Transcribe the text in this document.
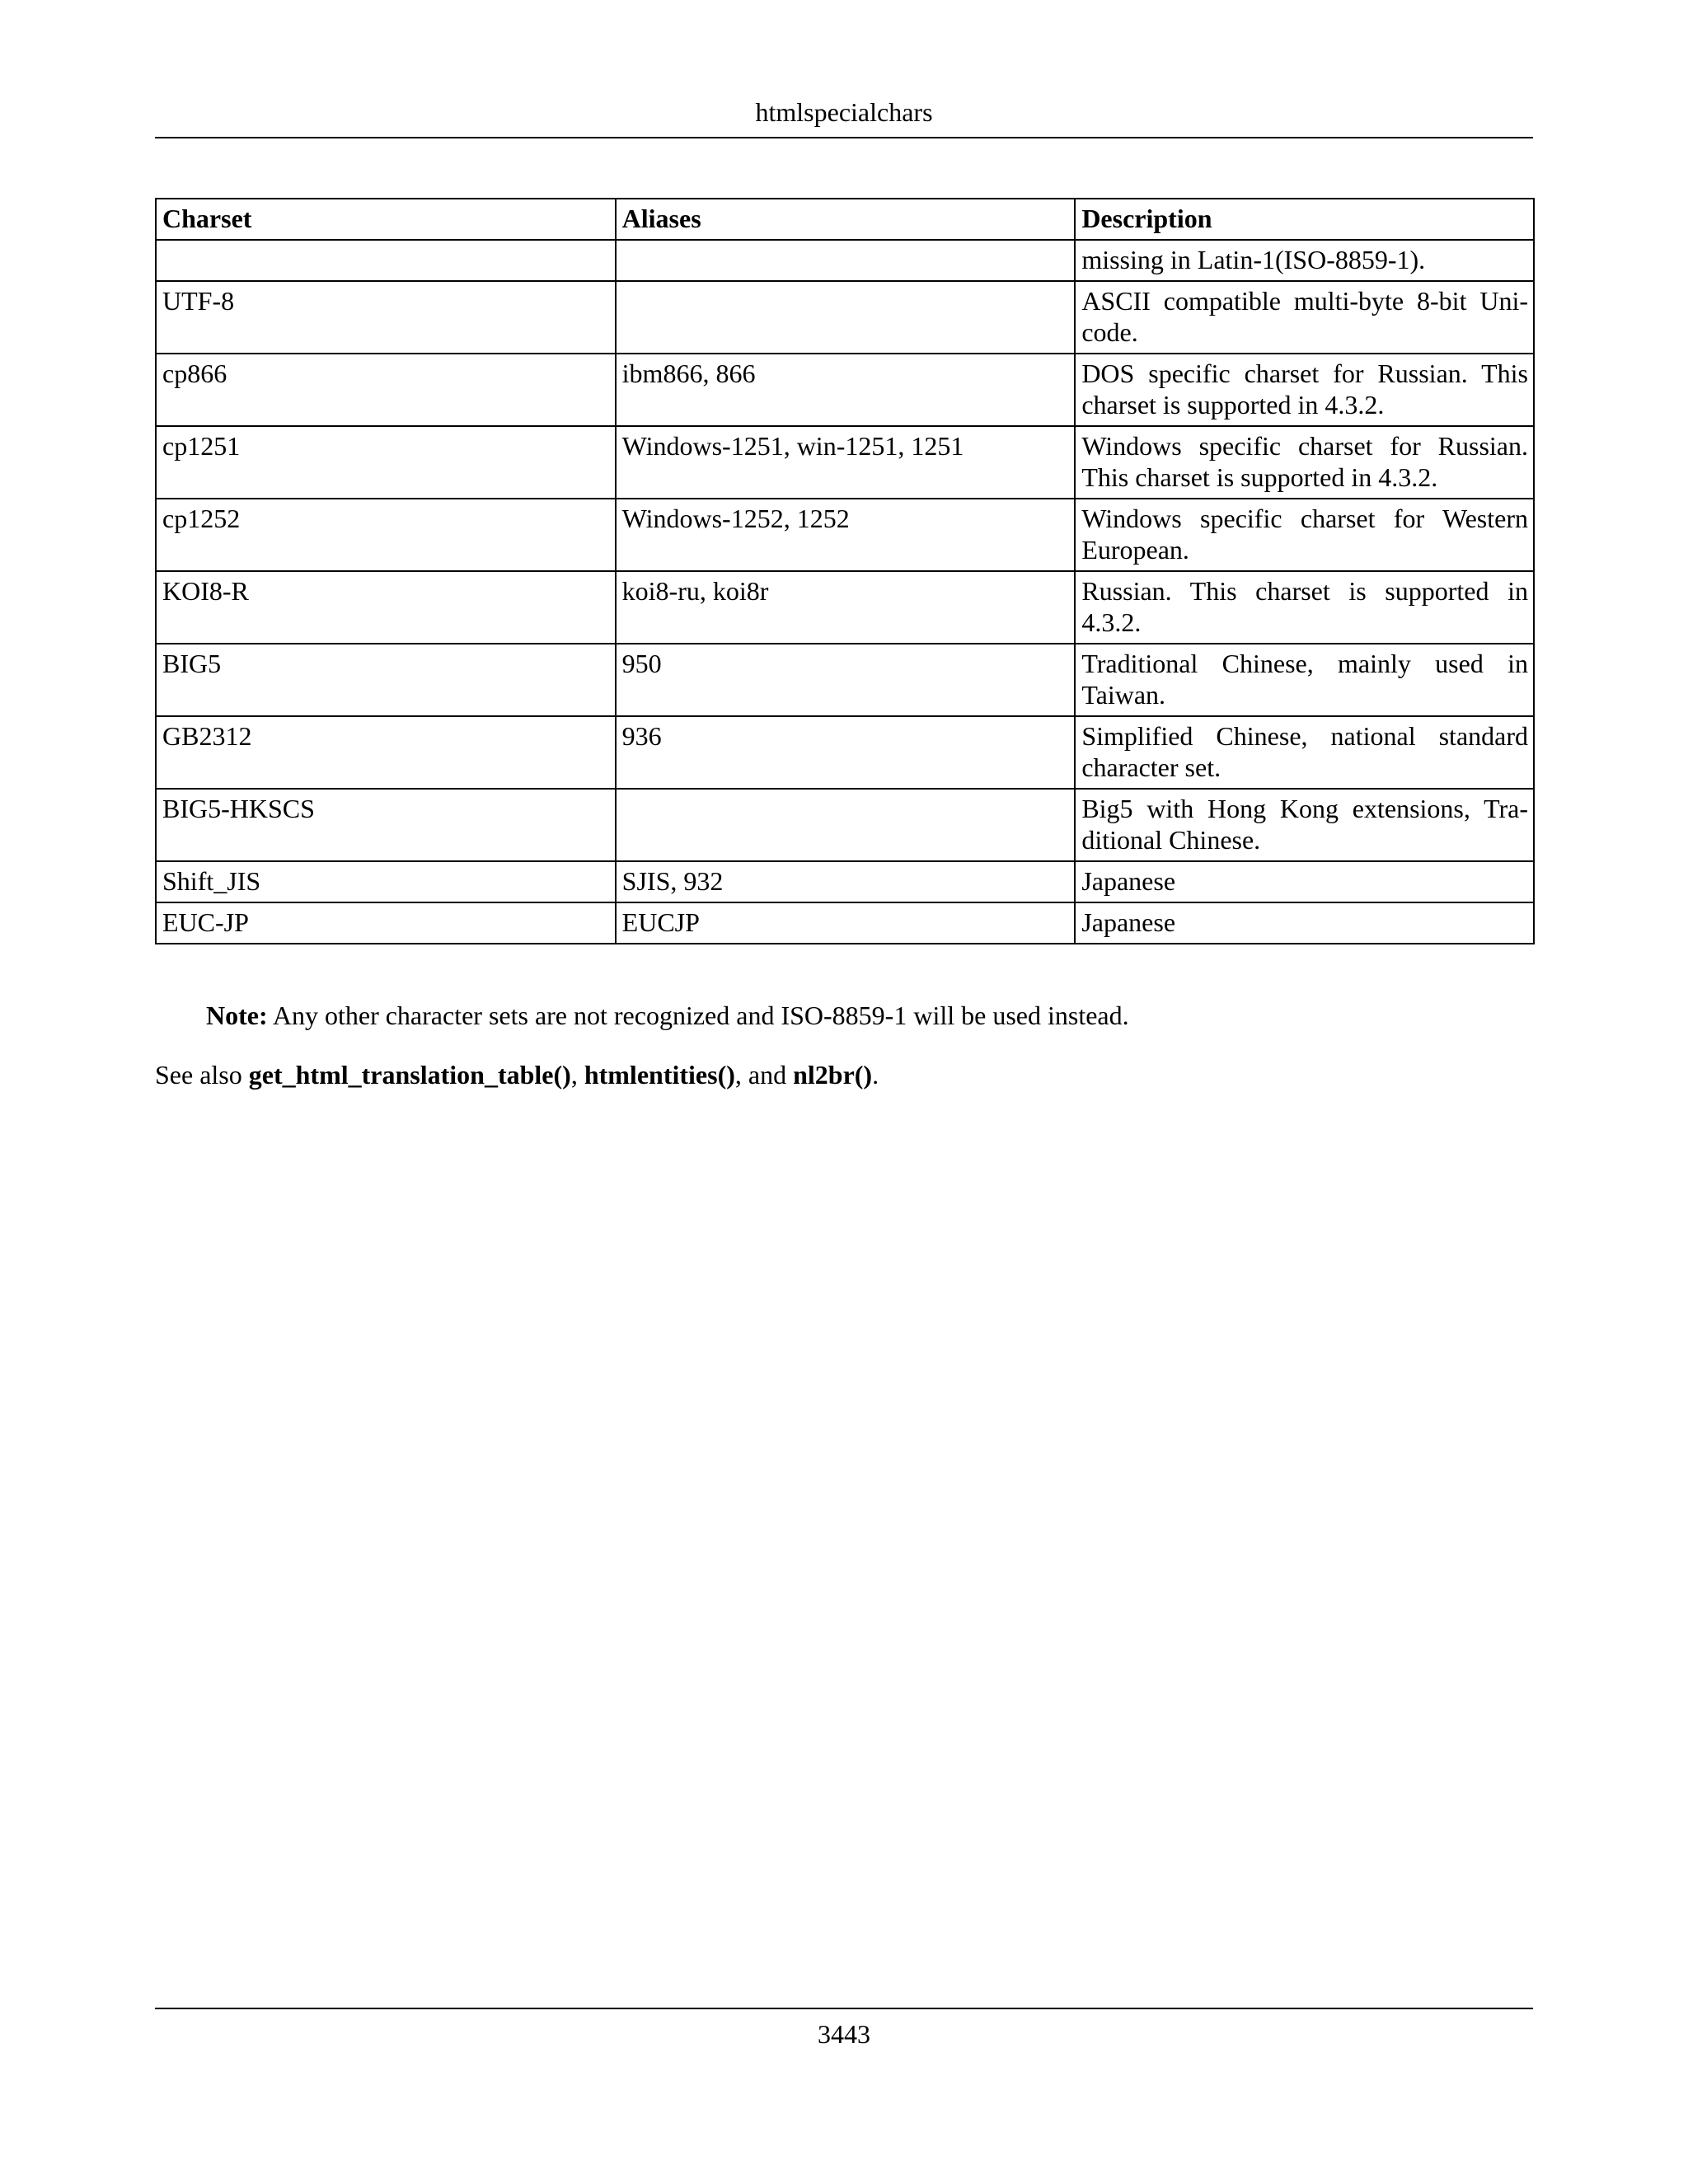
htmlspecialchars
Charset	Aliases	Description
		missing in Latin-1(ISO-8859-1).
UTF-8		ASCII compatible multi-byte 8-bit Uni-code.
cp866	ibm866, 866	DOS specific charset for Russian. This charset is supported in 4.3.2.
cp1251	Windows-1251, win-1251, 1251	Windows specific charset for Russian. This charset is supported in 4.3.2.
cp1252	Windows-1252, 1252	Windows specific charset for Western European.
KOI8-R	koi8-ru, koi8r	Russian. This charset is supported in 4.3.2.
BIG5	950	Traditional Chinese, mainly used in Taiwan.
GB2312	936	Simplified Chinese, national standard character set.
BIG5-HKSCS		Big5 with Hong Kong extensions, Tra-ditional Chinese.
Shift_JIS	SJIS, 932	Japanese
EUC-JP	EUCJP	Japanese
Note: Any other character sets are not recognized and ISO-8859-1 will be used instead.
See also get_html_translation_table(), htmlentities(), and nl2br().
3443
